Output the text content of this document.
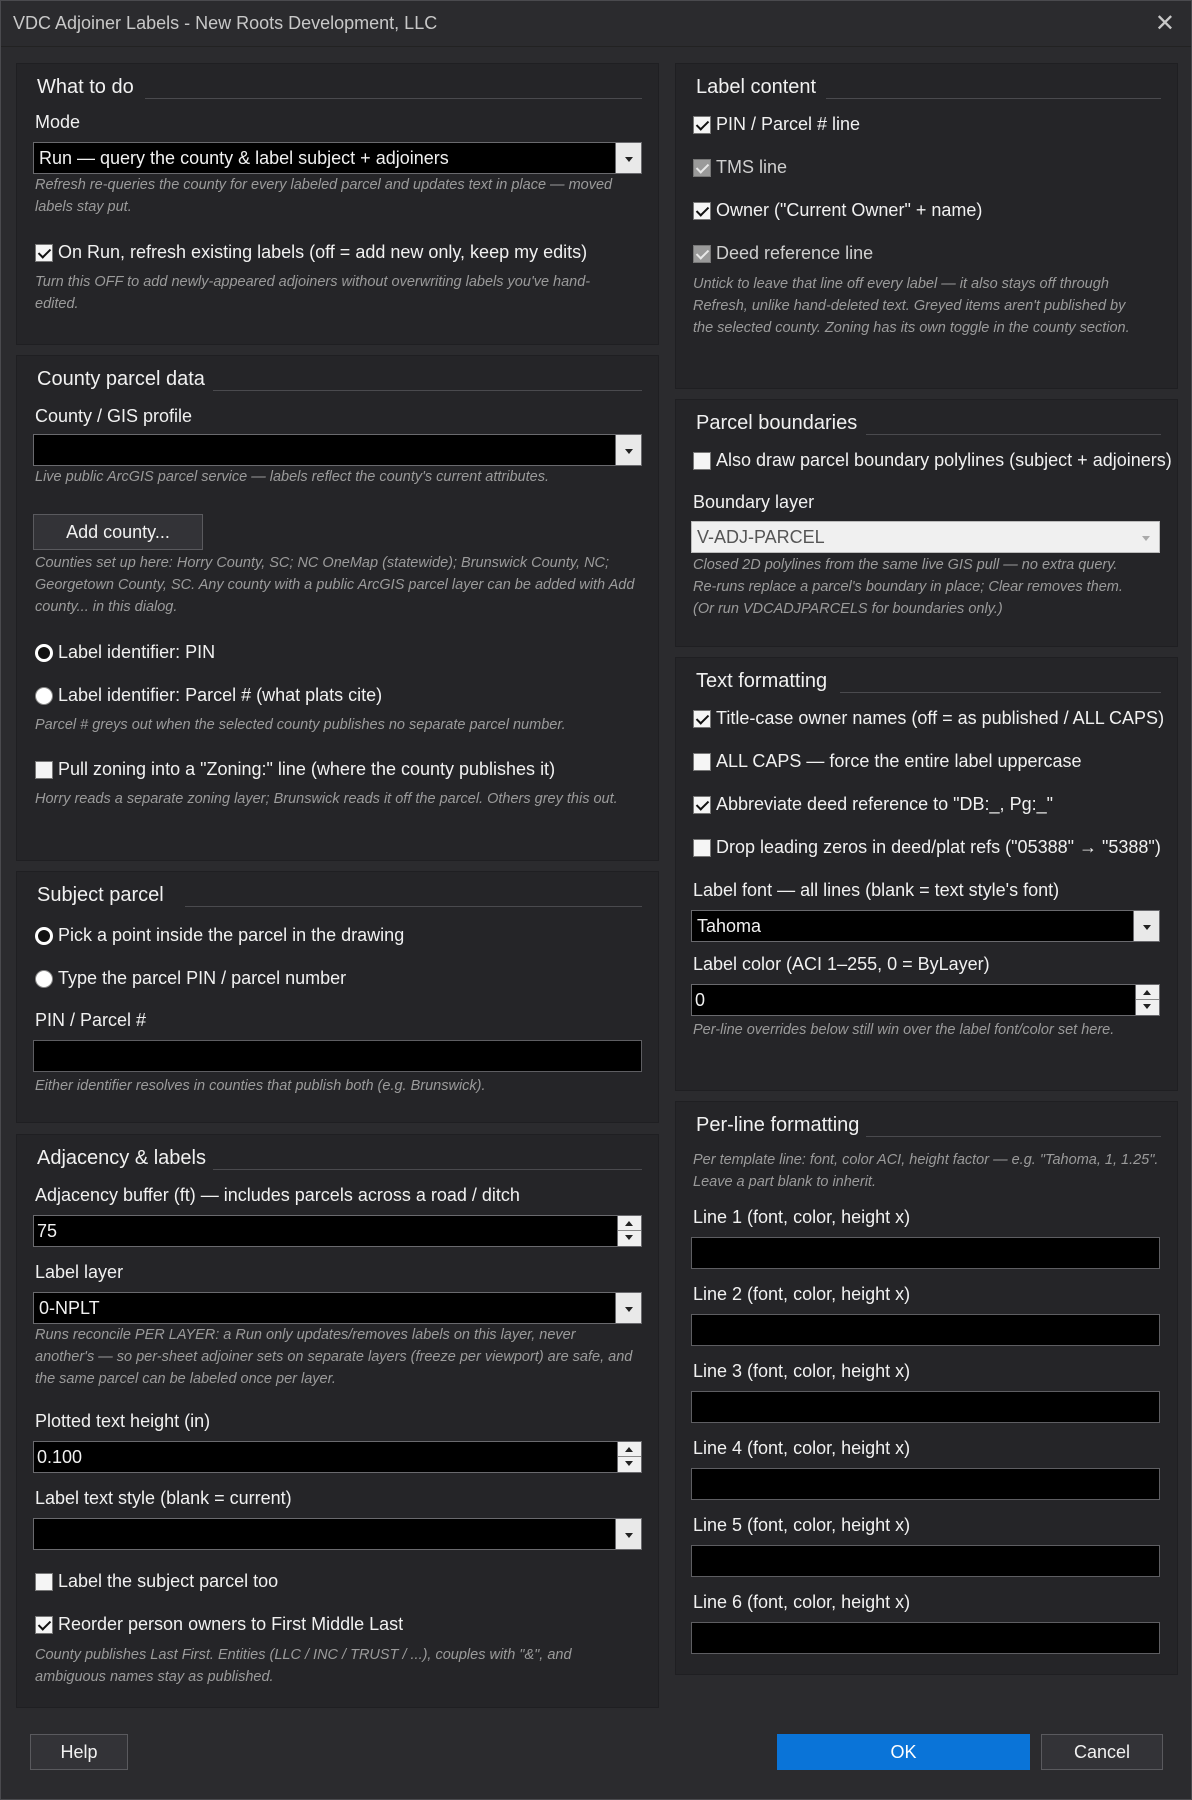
VDC Adjoiner Labels - New Roots Development, LLC	✕
What to do
Mode
Run — query the county & label subject + adjoiners
Refresh re-queries the county for every labeled parcel and updates text in place — moved labels stay put.
On Run, refresh existing labels (off = add new only, keep my edits)
Turn this OFF to add newly-appeared adjoiners without overwriting labels you've hand-edited.
County parcel data
County / GIS profile
Live public ArcGIS parcel service — labels reflect the county's current attributes.
Add county...
Counties set up here: Horry County, SC; NC OneMap (statewide); Brunswick County, NC; Georgetown County, SC. Any county with a public ArcGIS parcel layer can be added with Add county... in this dialog.
Label identifier: PIN
Label identifier: Parcel # (what plats cite)
Parcel # greys out when the selected county publishes no separate parcel number.
Pull zoning into a "Zoning:" line (where the county publishes it)
Horry reads a separate zoning layer; Brunswick reads it off the parcel. Others grey this out.
Subject parcel
Pick a point inside the parcel in the drawing
Type the parcel PIN / parcel number
PIN / Parcel #
Either identifier resolves in counties that publish both (e.g. Brunswick).
Adjacency & labels
Adjacency buffer (ft) — includes parcels across a road / ditch
75
Label layer
0-NPLT
Runs reconcile PER LAYER: a Run only updates/removes labels on this layer, never another's — so per-sheet adjoiner sets on separate layers (freeze per viewport) are safe, and the same parcel can be labeled once per layer.
Plotted text height (in)
0.100
Label text style (blank = current)
Label the subject parcel too
Reorder person owners to First Middle Last
County publishes Last First. Entities (LLC / INC / TRUST / ...), couples with "&", and ambiguous names stay as published.
Label content
PIN / Parcel # line
TMS line
Owner ("Current Owner" + name)
Deed reference line
Untick to leave that line off every label — it also stays off through Refresh, unlike hand-deleted text. Greyed items aren't published by the selected county. Zoning has its own toggle in the county section.
Parcel boundaries
Also draw parcel boundary polylines (subject + adjoiners)
Boundary layer
V-ADJ-PARCEL
Closed 2D polylines from the same live GIS pull — no extra query. Re-runs replace a parcel's boundary in place; Clear removes them. (Or run VDCADJPARCELS for boundaries only.)
Text formatting
Title-case owner names (off = as published / ALL CAPS)
ALL CAPS — force the entire label uppercase
Abbreviate deed reference to "DB:_, Pg:_"
Drop leading zeros in deed/plat refs ("05388" → "5388")
Label font — all lines (blank = text style's font)
Tahoma
Label color (ACI 1–255, 0 = ByLayer)
0
Per-line overrides below still win over the label font/color set here.
Per-line formatting
Per template line: font, color ACI, height factor — e.g. "Tahoma, 1, 1.25". Leave a part blank to inherit.
Line 1 (font, color, height x)
Line 2 (font, color, height x)
Line 3 (font, color, height x)
Line 4 (font, color, height x)
Line 5 (font, color, height x)
Line 6 (font, color, height x)
Help	OK	Cancel
